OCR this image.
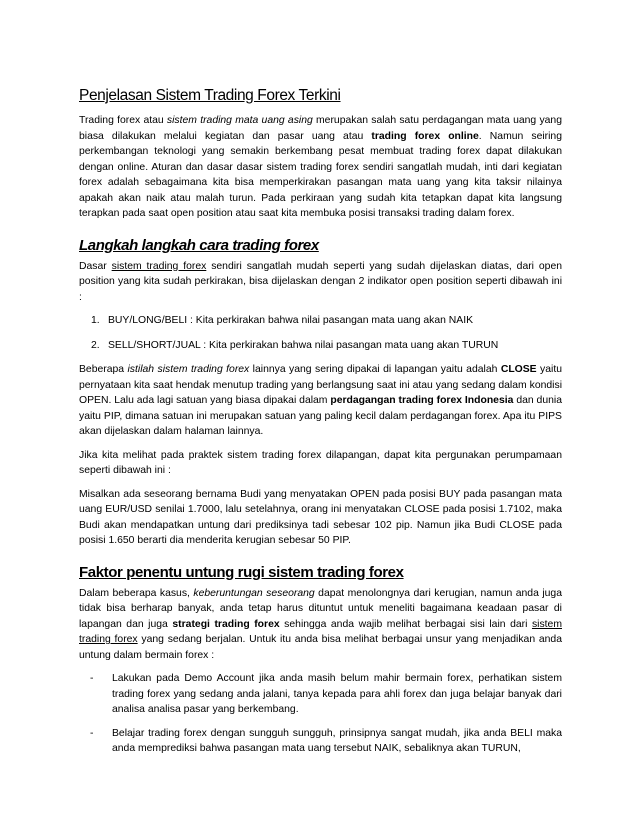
Penjelasan Sistem Trading Forex Terkini

Trading forex atau sistem trading mata uang asing merupakan salah satu perdagangan mata uang yang biasa dilakukan melalui kegiatan dan pasar uang atau trading forex online. Namun seiring perkembangan teknologi yang semakin berkembang pesat membuat trading forex dapat dilakukan dengan online. Aturan dan dasar dasar sistem trading forex sendiri sangatlah mudah, inti dari kegiatan forex adalah sebagaimana kita bisa memperkirakan pasangan mata uang yang kita taksir nilainya apakah akan naik atau malah turun. Pada perkiraan yang sudah kita tetapkan dapat kita langsung terapkan pada saat open position atau saat kita membuka posisi transaksi trading dalam forex.

Langkah langkah cara trading forex

Dasar sistem trading forex sendiri sangatlah mudah seperti yang sudah dijelaskan diatas, dari open position yang kita sudah perkirakan, bisa dijelaskan dengan 2 indikator open position seperti dibawah ini :

1. BUY/LONG/BELI : Kita perkirakan bahwa nilai pasangan mata uang akan NAIK
2. SELL/SHORT/JUAL : Kita perkirakan bahwa nilai pasangan mata uang akan TURUN

Beberapa istilah sistem trading forex lainnya yang sering dipakai di lapangan yaitu adalah CLOSE yaitu pernyataan kita saat hendak menutup trading yang berlangsung saat ini atau yang sedang dalam kondisi OPEN. Lalu ada lagi satuan yang biasa dipakai dalam perdagangan trading forex Indonesia dan dunia yaitu PIP, dimana satuan ini merupakan satuan yang paling kecil dalam perdagangan forex. Apa itu PIPS akan dijelaskan dalam halaman lainnya.

Jika kita melihat pada praktek sistem trading forex dilapangan, dapat kita pergunakan perumpamaan seperti dibawah ini :

Misalkan ada seseorang bernama Budi yang menyatakan OPEN pada posisi BUY pada pasangan mata uang EUR/USD senilai 1.7000, lalu setelahnya, orang ini menyatakan CLOSE pada posisi 1.7102, maka Budi akan mendapatkan untung dari prediksinya tadi sebesar 102 pip. Namun jika Budi CLOSE pada posisi 1.650 berarti dia menderita kerugian sebesar 50 PIP.

Faktor penentu untung rugi sistem trading forex

Dalam beberapa kasus, keberuntungan seseorang dapat menolongnya dari kerugian, namun anda juga tidak bisa berharap banyak, anda tetap harus dituntut untuk meneliti bagaimana keadaan pasar di lapangan dan juga strategi trading forex sehingga anda wajib melihat berbagai sisi lain dari sistem trading forex yang sedang berjalan. Untuk itu anda bisa melihat berbagai unsur yang menjadikan anda untung dalam bermain forex :

- Lakukan pada Demo Account jika anda masih belum mahir bermain forex, perhatikan sistem trading forex yang sedang anda jalani, tanya kepada para ahli forex dan juga belajar banyak dari analisa analisa pasar yang berkembang.
- Belajar trading forex dengan sungguh sungguh, prinsipnya sangat mudah, jika anda BELI maka anda memprediksi bahwa pasangan mata uang tersebut NAIK, sebaliknya akan TURUN,
